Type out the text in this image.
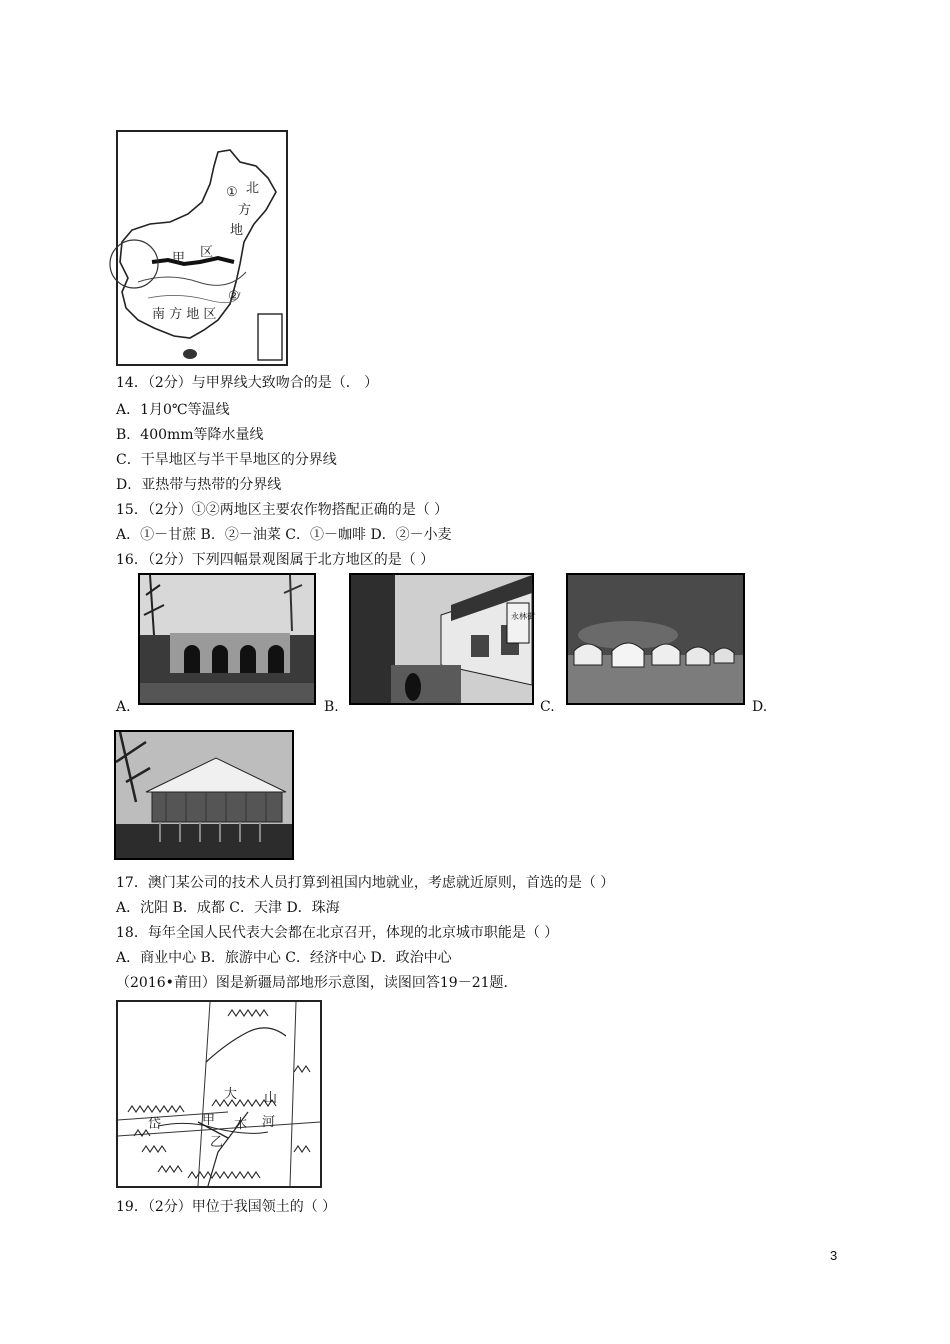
① 北
方
地
区
甲
②
南 方 地 区
14．（2分）与甲界线大致吻合的是（． ）
A．1月0℃等温线
B．400mm等降水量线
C．干旱地区与半干旱地区的分界线
D．亚热带与热带的分界线
15．（2分）①②两地区主要农作物搭配正确的是（ ）
A．①－甘蔗 B．②－油菜 C．①－咖啡 D．②－小麦
16．（2分）下列四幅景观图属于北方地区的是（ ）
A.	B.
永林街
C.	D.
17．澳门某公司的技术人员打算到祖国内地就业，考虑就近原则，首选的是（ ）
A．沈阳 B．成都 C．天津 D．珠海
18．每年全国人民代表大会都在北京召开，体现的北京城市职能是（ ）
A．商业中心 B．旅游中心 C．经济中心 D．政治中心
（2016•莆田）图是新疆局部地形示意图，读图回答19－21题．
大 山
甲 木 河
乙
岱
19．（2分）甲位于我国领土的（ ）
3
